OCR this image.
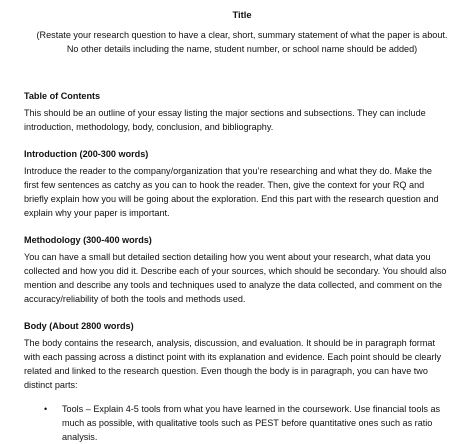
Title
(Restate your research question to have a clear, short, summary statement of what the paper is about.
No other details including the name, student number, or school name should be added)
Table of Contents
This should be an outline of your essay listing the major sections and subsections. They can include
introduction, methodology, body, conclusion, and bibliography.
Introduction (200-300 words)
Introduce the reader to the company/organization that you’re researching and what they do. Make the
first few sentences as catchy as you can to hook the reader. Then, give the context for your RQ and
briefly explain how you will be going about the exploration. End this part with the research question and
explain why your paper is important.
Methodology (300-400 words)
You can have a small but detailed section detailing how you went about your research, what data you
collected and how you did it. Describe each of your sources, which should be secondary. You should also
mention and describe any tools and techniques used to analyze the data collected, and comment on the
accuracy/reliability of both the tools and methods used.
Body (About 2800 words)
The body contains the research, analysis, discussion, and evaluation. It should be in paragraph format
with each passing across a distinct point with its explanation and evidence. Each point should be clearly
related and linked to the research question. Even though the body is in paragraph, you can have two
distinct parts:
• Tools – Explain 4-5 tools from what you have learned in the coursework. Use financial tools as
much as possible, with qualitative tools such as PEST before quantitative ones such as ratio
analysis.
